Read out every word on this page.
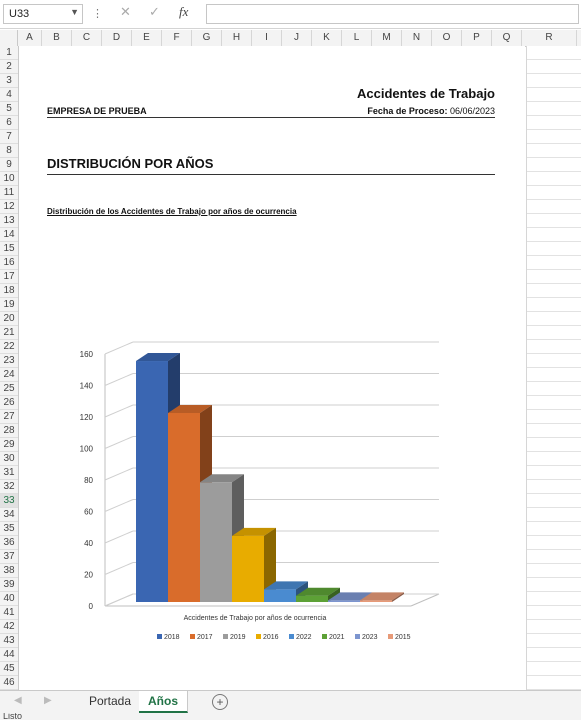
U33	▼ ⋮ ✕ ✓ fx
A	B	C	D	E	F	G	H	I	J	K	L	M	N	O	P	Q	R
1
2
3
4
5
6
7
8
9
10
11
12
13
14
15
16
17
18
19
20
21
22
23
24
25
26
27
28
29
30
31
32
33
34
35
36
37
38
39
40
41
42
43
44
45
46
Accidentes de Trabajo
EMPRESA DE PRUEBA	Fecha de Proceso: 06/06/2023
DISTRIBUCIÓN POR AÑOS
Distribución de los Accidentes de Trabajo por años de ocurrencia
0
20
40
60
80
100
120
140
160
Accidentes de Trabajo por años de ocurrencia
2018 2017 2019 2016 2022 2021 2023 2015
◀ ▶	Portada	Años	+
Listo
